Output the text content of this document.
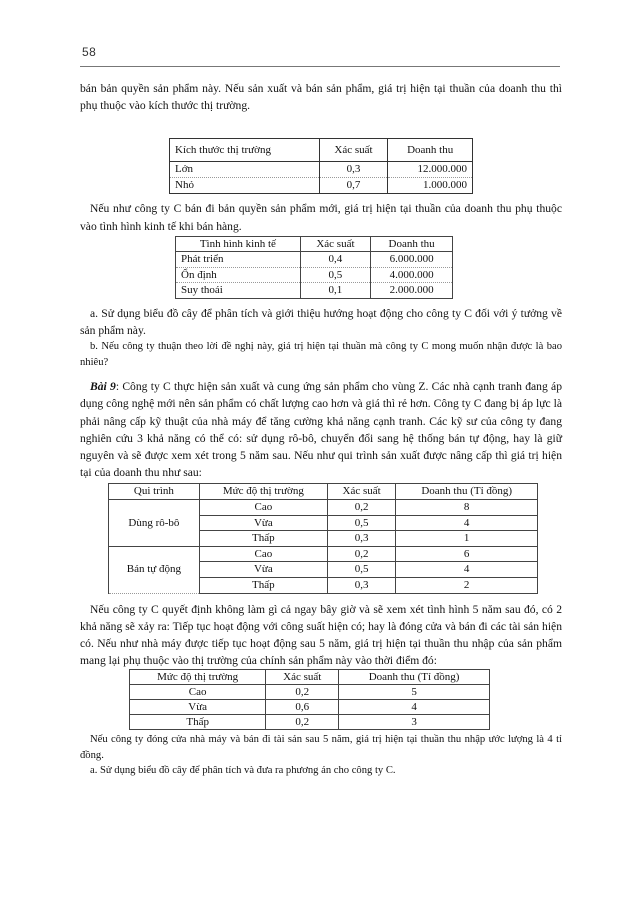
58

bán bản quyền sản phẩm này. Nếu sản xuất và bán sản phẩm, giá trị hiện tại thuần của doanh thu thì phụ thuộc vào kích thước thị trường.

Kích thước thị trường	Xác suất	Doanh thu
Lớn	0,3	12.000.000
Nhỏ	0,7	1.000.000

Nếu như công ty C bán đi bản quyền sản phẩm mới, giá trị hiện tại thuần của doanh thu phụ thuộc vào tình hình kinh tế khi bán hàng.

Tình hình kinh tế	Xác suất	Doanh thu
Phát triển	0,4	6.000.000
Ổn định	0,5	4.000.000
Suy thoái	0,1	2.000.000

a. Sử dụng biểu đồ cây để phân tích và giới thiệu hướng hoạt động cho công ty C đối với ý tưởng về sản phẩm này.

b. Nếu công ty thuận theo lời đề nghị này, giá trị hiện tại thuần mà công ty C mong muốn nhận được là bao nhiêu?

Bài 9: Công ty C thực hiện sản xuất và cung ứng sản phẩm cho vùng Z. Các nhà cạnh tranh đang áp dụng công nghệ mới nên sản phẩm có chất lượng cao hơn và giá thì rẻ hơn. Công ty C đang bị áp lực là phải nâng cấp kỹ thuật của nhà máy để tăng cường khả năng cạnh tranh. Các kỹ sư của công ty đang nghiên cứu 3 khả năng có thể có: sử dụng rô-bô, chuyển đổi sang hệ thống bán tự động, hay là giữ nguyên và sẽ được xem xét trong 5 năm sau. Nếu như qui trình sản xuất được nâng cấp thì giá trị hiện tại của doanh thu như sau:

Qui trình	Mức độ thị trường	Xác suất	Doanh thu (Tỉ đồng)
Dùng rô-bô	Cao	0,2	8
	Vừa	0,5	4
	Thấp	0,3	1
Bán tự động	Cao	0,2	6
	Vừa	0,5	4
	Thấp	0,3	2

Nếu công ty C quyết định không làm gì cả ngay bây giờ và sẽ xem xét tình hình 5 năm sau đó, có 2 khả năng sẽ xảy ra: Tiếp tục hoạt động với công suất hiện có; hay là đóng cửa và bán đi các tài sản hiện có. Nếu như nhà máy được tiếp tục hoạt động sau 5 năm, giá trị hiện tại thuần thu nhập của sản phẩm mang lại phụ thuộc vào thị trường của chính sản phẩm này vào thời điểm đó:

Mức độ thị trường	Xác suất	Doanh thu (Tỉ đồng)
Cao	0,2	5
Vừa	0,6	4
Thấp	0,2	3

Nếu công ty đóng cửa nhà máy và bán đi tài sản sau 5 năm, giá trị hiện tại thuần thu nhập ước lượng là 4 tỉ đồng.

a. Sử dụng biểu đồ cây để phân tích và đưa ra phương án cho công ty C.
